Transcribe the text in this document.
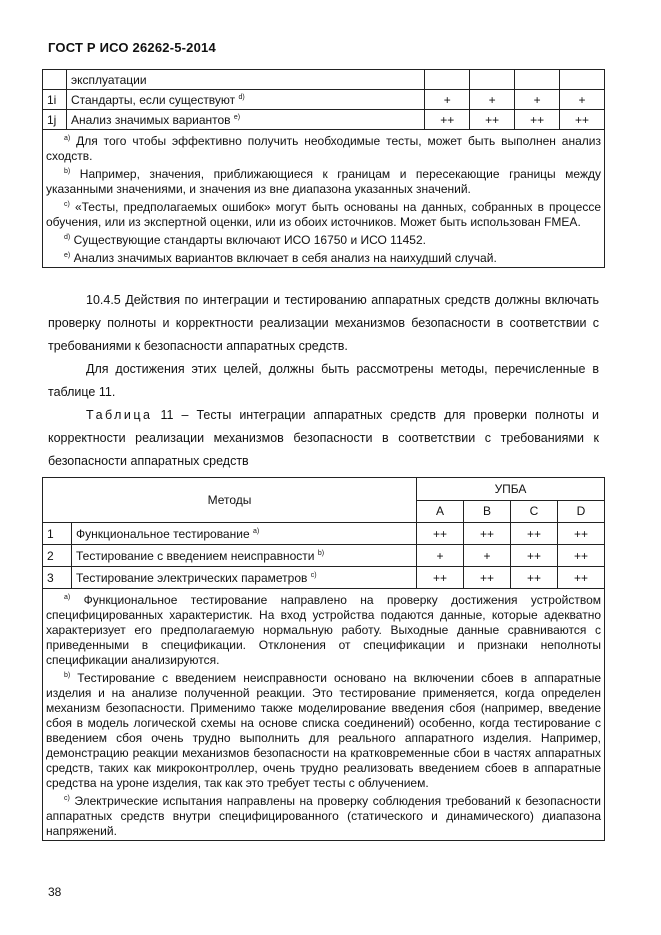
ГОСТ Р ИСО 26262-5-2014
	эксплуатации				
1i	Стандарты, если существуют $^{d)}$	+	+	+	+
1j	Анализ значимых вариантов $^{e)}$	++	++	++	++

$^{a)}$ Для того чтобы эффективно получить необходимые тесты, может быть выполнен анализ сходств.

$^{b)}$ Например, значения, приближающиеся к границам и пересекающие границы между указанными значениями, и значения из вне диапазона указанных значений.

$^{c)}$ «Тесты, предполагаемых ошибок» могут быть основаны на данных, собранных в процессе обучения, или из экспертной оценки, или из обоих источников. Может быть использован FMEA.

$^{d)}$ Существующие стандарты включают ИСО 16750 и ИСО 11452.

$^{e)}$ Анализ значимых вариантов включает в себя анализ на наихудший случай.					

10.4.5 Действия по интеграции и тестированию аппаратных средств должны включать проверку полноты и корректности реализации механизмов безопасности в соответствии с требованиями к безопасности аппаратных средств.

Для достижения этих целей, должны быть рассмотрены методы, перечисленные в таблице 11.

Таблица 11 – Тесты интеграции аппаратных средств для проверки полноты и корректности реализации механизмов безопасности в соответствии с требованиями к безопасности аппаратных средств

Методы		УПБА			
		A	B	C	D
1	Функциональное тестирование $^{a)}$	++	++	++	++
2	Тестирование с введением неисправности $^{b)}$	+	+	++	++
3	Тестирование электрических параметров $^{c)}$	++	++	++	++

$^{a)}$ Функциональное тестирование направлено на проверку достижения устройством специфицированных характеристик. На вход устройства подаются данные, которые адекватно характеризует его предполагаемую нормальную работу. Выходные данные сравниваются с приведенными в спецификации. Отклонения от спецификации и признаки неполноты спецификации анализируются.

$^{b)}$ Тестирование с введением неисправности основано на включении сбоев в аппаратные изделия и на анализе полученной реакции. Это тестирование применяется, когда определен механизм безопасности. Применимо также моделирование введения сбоя (например, введение сбоя в модель логической схемы на основе списка соединений) особенно, когда тестирование с введением сбоя очень трудно выполнить для реального аппаратного изделия. Например, демонстрацию реакции механизмов безопасности на кратковременные сбои в частях аппаратных средств, таких как микроконтроллер, очень трудно реализовать введением сбоев в аппаратные средства на уроне изделия, так как это требует тесты с облучением.

$^{c)}$ Электрические испытания направлены на проверку соблюдения требований к безопасности аппаратных средств внутри специфицированного (статического и динамического) диапазона напряжений.					

38
